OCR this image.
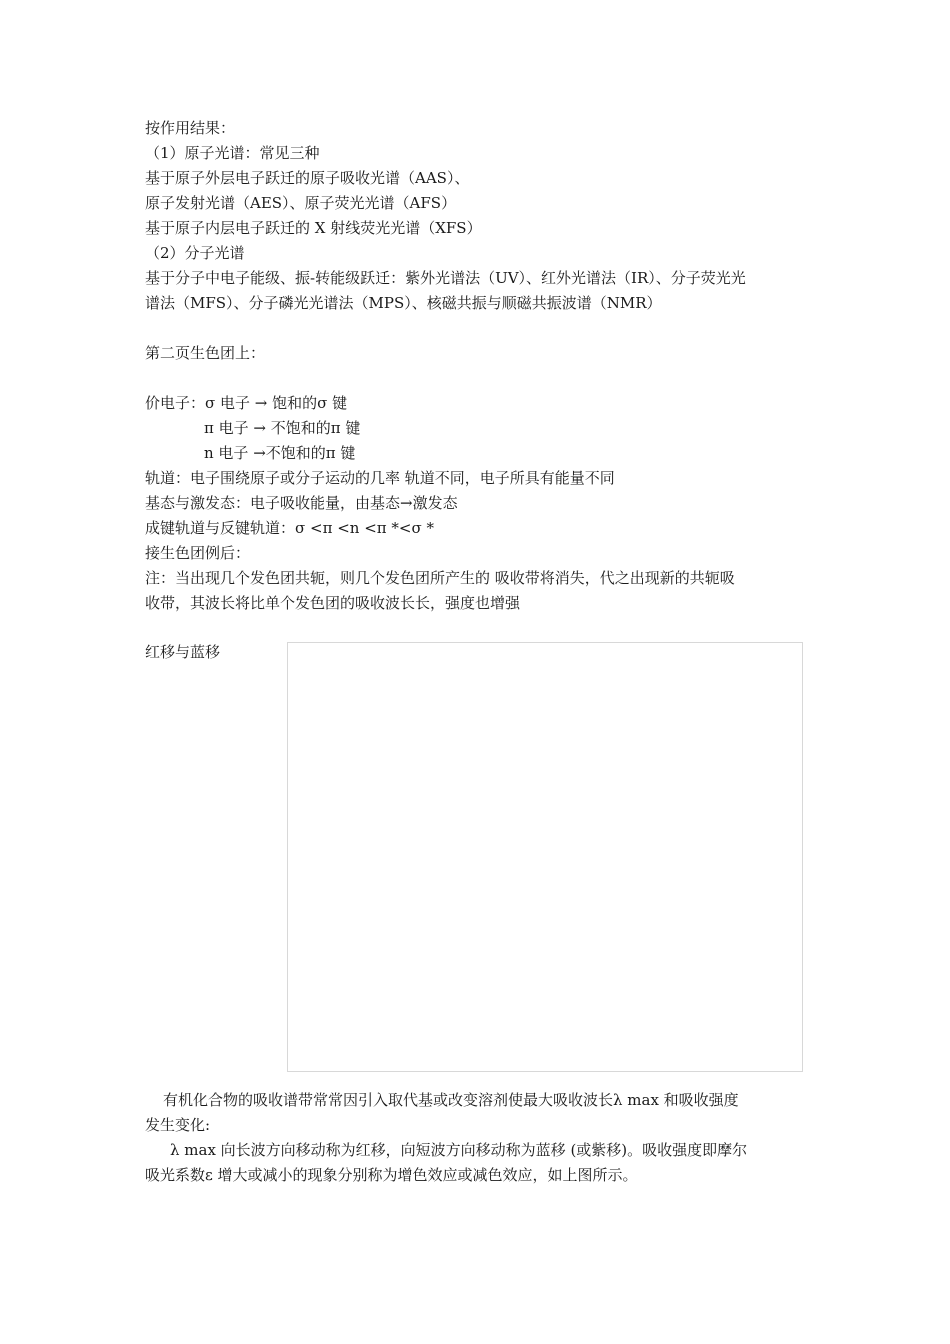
按作用结果：
（1）原子光谱：常见三种
基于原子外层电子跃迁的原子吸收光谱（AAS）、
原子发射光谱（AES）、原子荧光光谱（AFS）
基于原子内层电子跃迁的 X 射线荧光光谱（XFS）
（2）分子光谱
基于分子中电子能级、振-转能级跃迁：紫外光谱法（UV）、红外光谱法（IR）、分子荧光光
谱法（MFS）、分子磷光光谱法（MPS）、核磁共振与顺磁共振波谱（NMR）
第二页生色团上：
价电子：σ 电子 → 饱和的σ 键
π 电子 → 不饱和的π 键
n 电子 →不饱和的π 键
轨道：电子围绕原子或分子运动的几率 轨道不同，电子所具有能量不同
基态与激发态：电子吸收能量，由基态→激发态
成键轨道与反键轨道：σ <π <n <π *<σ *
接生色团例后：
注：当出现几个发色团共轭，则几个发色团所产生的 吸收带将消失，代之出现新的共轭吸
收带，其波长将比单个发色团的吸收波长长，强度也增强
红移与蓝移
有机化合物的吸收谱带常常因引入取代基或改变溶剂使最大吸收波长λ max 和吸收强度
发生变化:
λ max 向长波方向移动称为红移，向短波方向移动称为蓝移 (或紫移)。吸收强度即摩尔
吸光系数ε 增大或减小的现象分别称为增色效应或减色效应，如上图所示。
